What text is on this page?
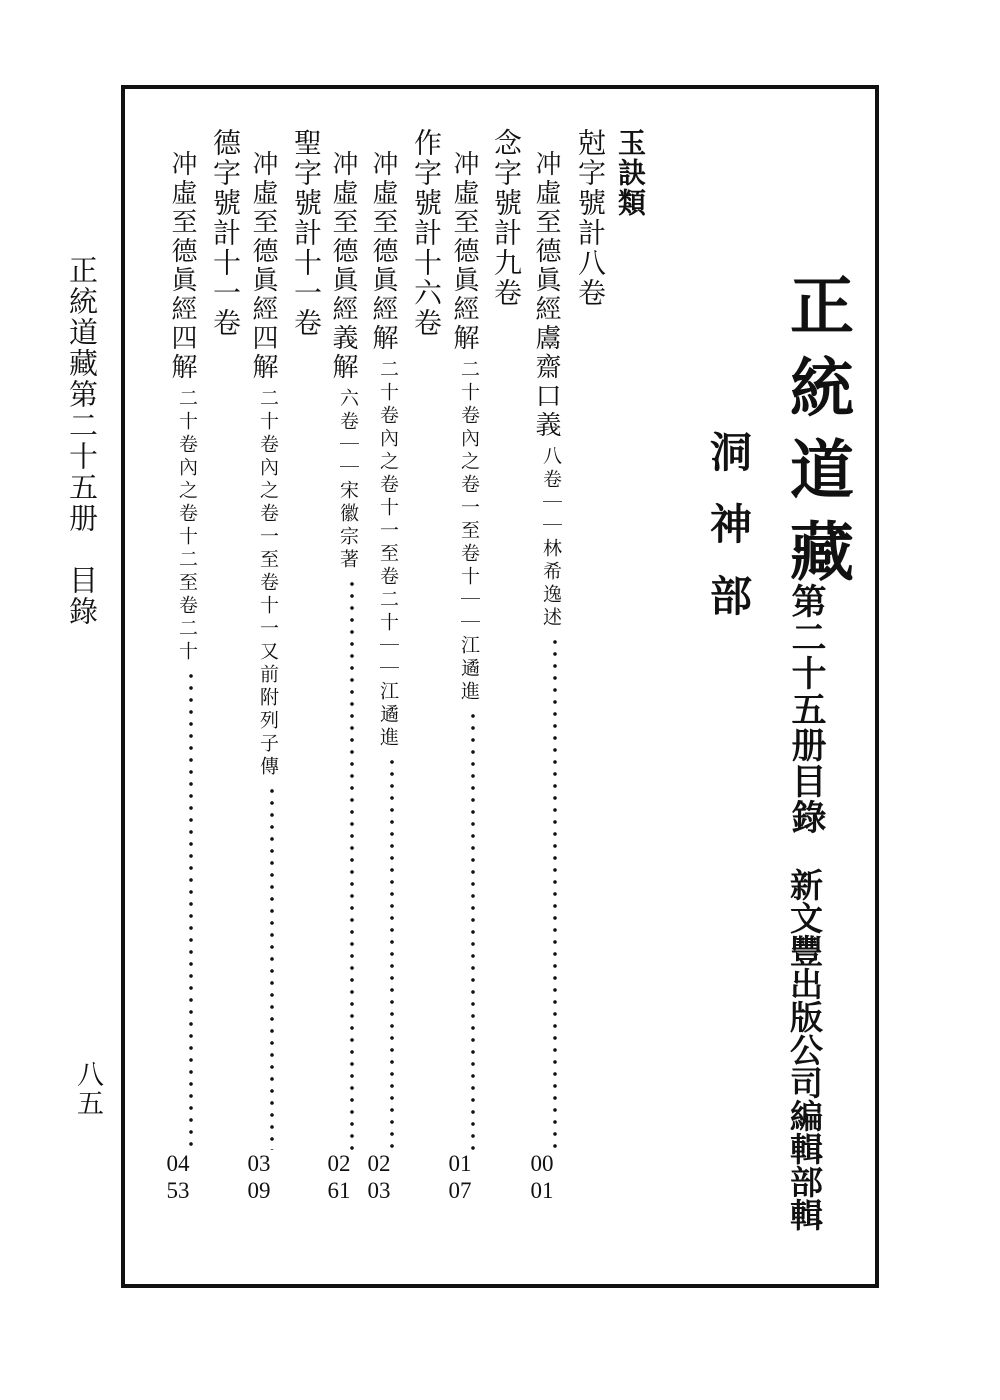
正統道藏第二十五册　目錄
八五
正統道藏
洞神部
第二十五册目錄
新文豐出版公司編輯部輯
玉訣類
尅字號計八卷
念字號計九卷
作字號計十六卷
聖字號計十一卷
德字號計十一卷	冲虛至德眞經鬳齋口義
八卷｜｜林希逸述
冲虛至德眞經解
二十卷內之卷一至卷十｜｜江遹進
冲虛至德眞經解
二十卷內之卷十一至卷二十｜｜江遹進
冲虛至德眞經義解
六卷｜｜宋徽宗著
冲虛至德眞經四解
二十卷內之卷一至卷十一又前附列子傳
冲虛至德眞經四解
二十卷內之卷十二至卷二十
0001
0107
0203
0261
0309
0453
